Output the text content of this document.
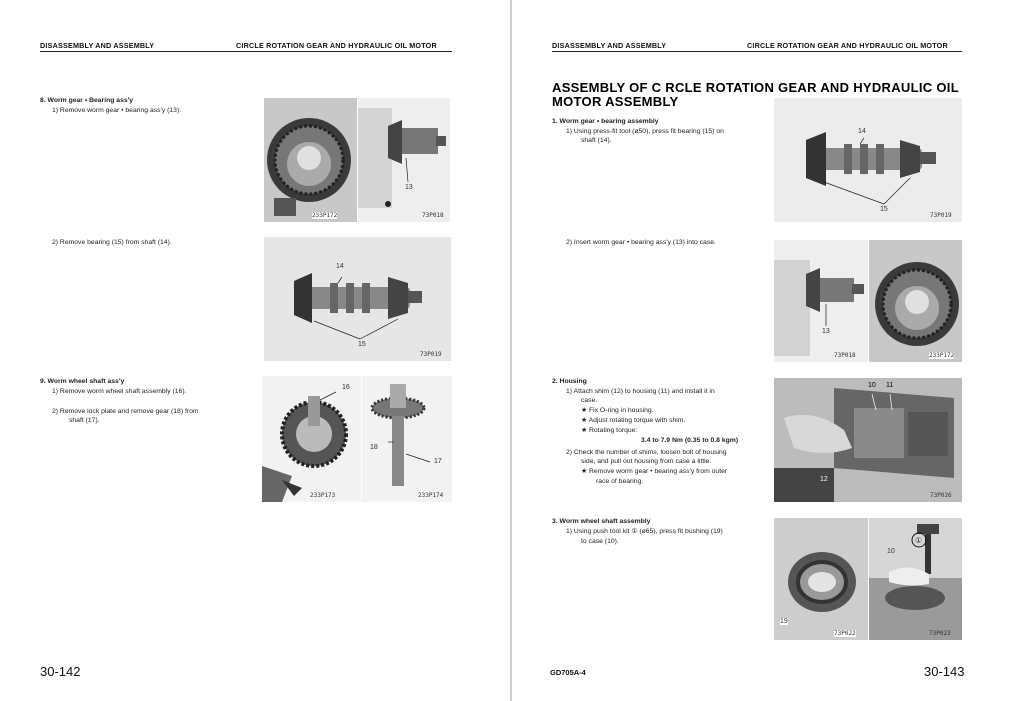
DISASSEMBLY AND ASSEMBLY	CIRCLE ROTATION GEAR AND HYDRAULIC OIL MOTOR
8. Worm gear • Bearing ass'y
1) Remove worm gear • bearing ass'y (13).
2) Remove bearing (15) from shaft (14).
9. Worm wheel shaft ass'y
1) Remove worm wheel shaft assembly (16).
2) Remove lock plate and remove gear (18) from
shaft (17).
233P172
13
73P018
14
15
73P019
16
233P173
18
17
233P174
30-142
DISASSEMBLY AND ASSEMBLY	CIRCLE ROTATION GEAR AND HYDRAULIC OIL MOTOR
ASSEMBLY OF C RCLE ROTATION GEAR AND HYDRAULIC OIL
MOTOR ASSEMBLY
1. Worm gear • bearing assembly
1) Using press-fit tool (ø50), press fit bearing (15) on
shaft (14).
2) Insert worm gear • bearing ass'y (13) into case.
2. Housing
1) Attach shim (12) to housing (11) and install it in
case.
★ Fix O-ring in housing.
★ Adjust rotating torque with shim.
★ Rotating torque:
3.4 to 7.9 Nm (0.35 to 0.8 kgm)
2) Check the number of shims, loosen bolt of housing
side, and pull out housing from case a little.
★ Remove worm gear • bearing ass'y from outer
race of bearing.
3. Worm wheel shaft assembly
1) Using push tool kit ① (ø65), press fit bushing (19)
to case (10).
14
15
73P019
13
73P018	233P172
10 11
12
73P026
19
73P022
10
①
73P023
GD705A-4	30-143
